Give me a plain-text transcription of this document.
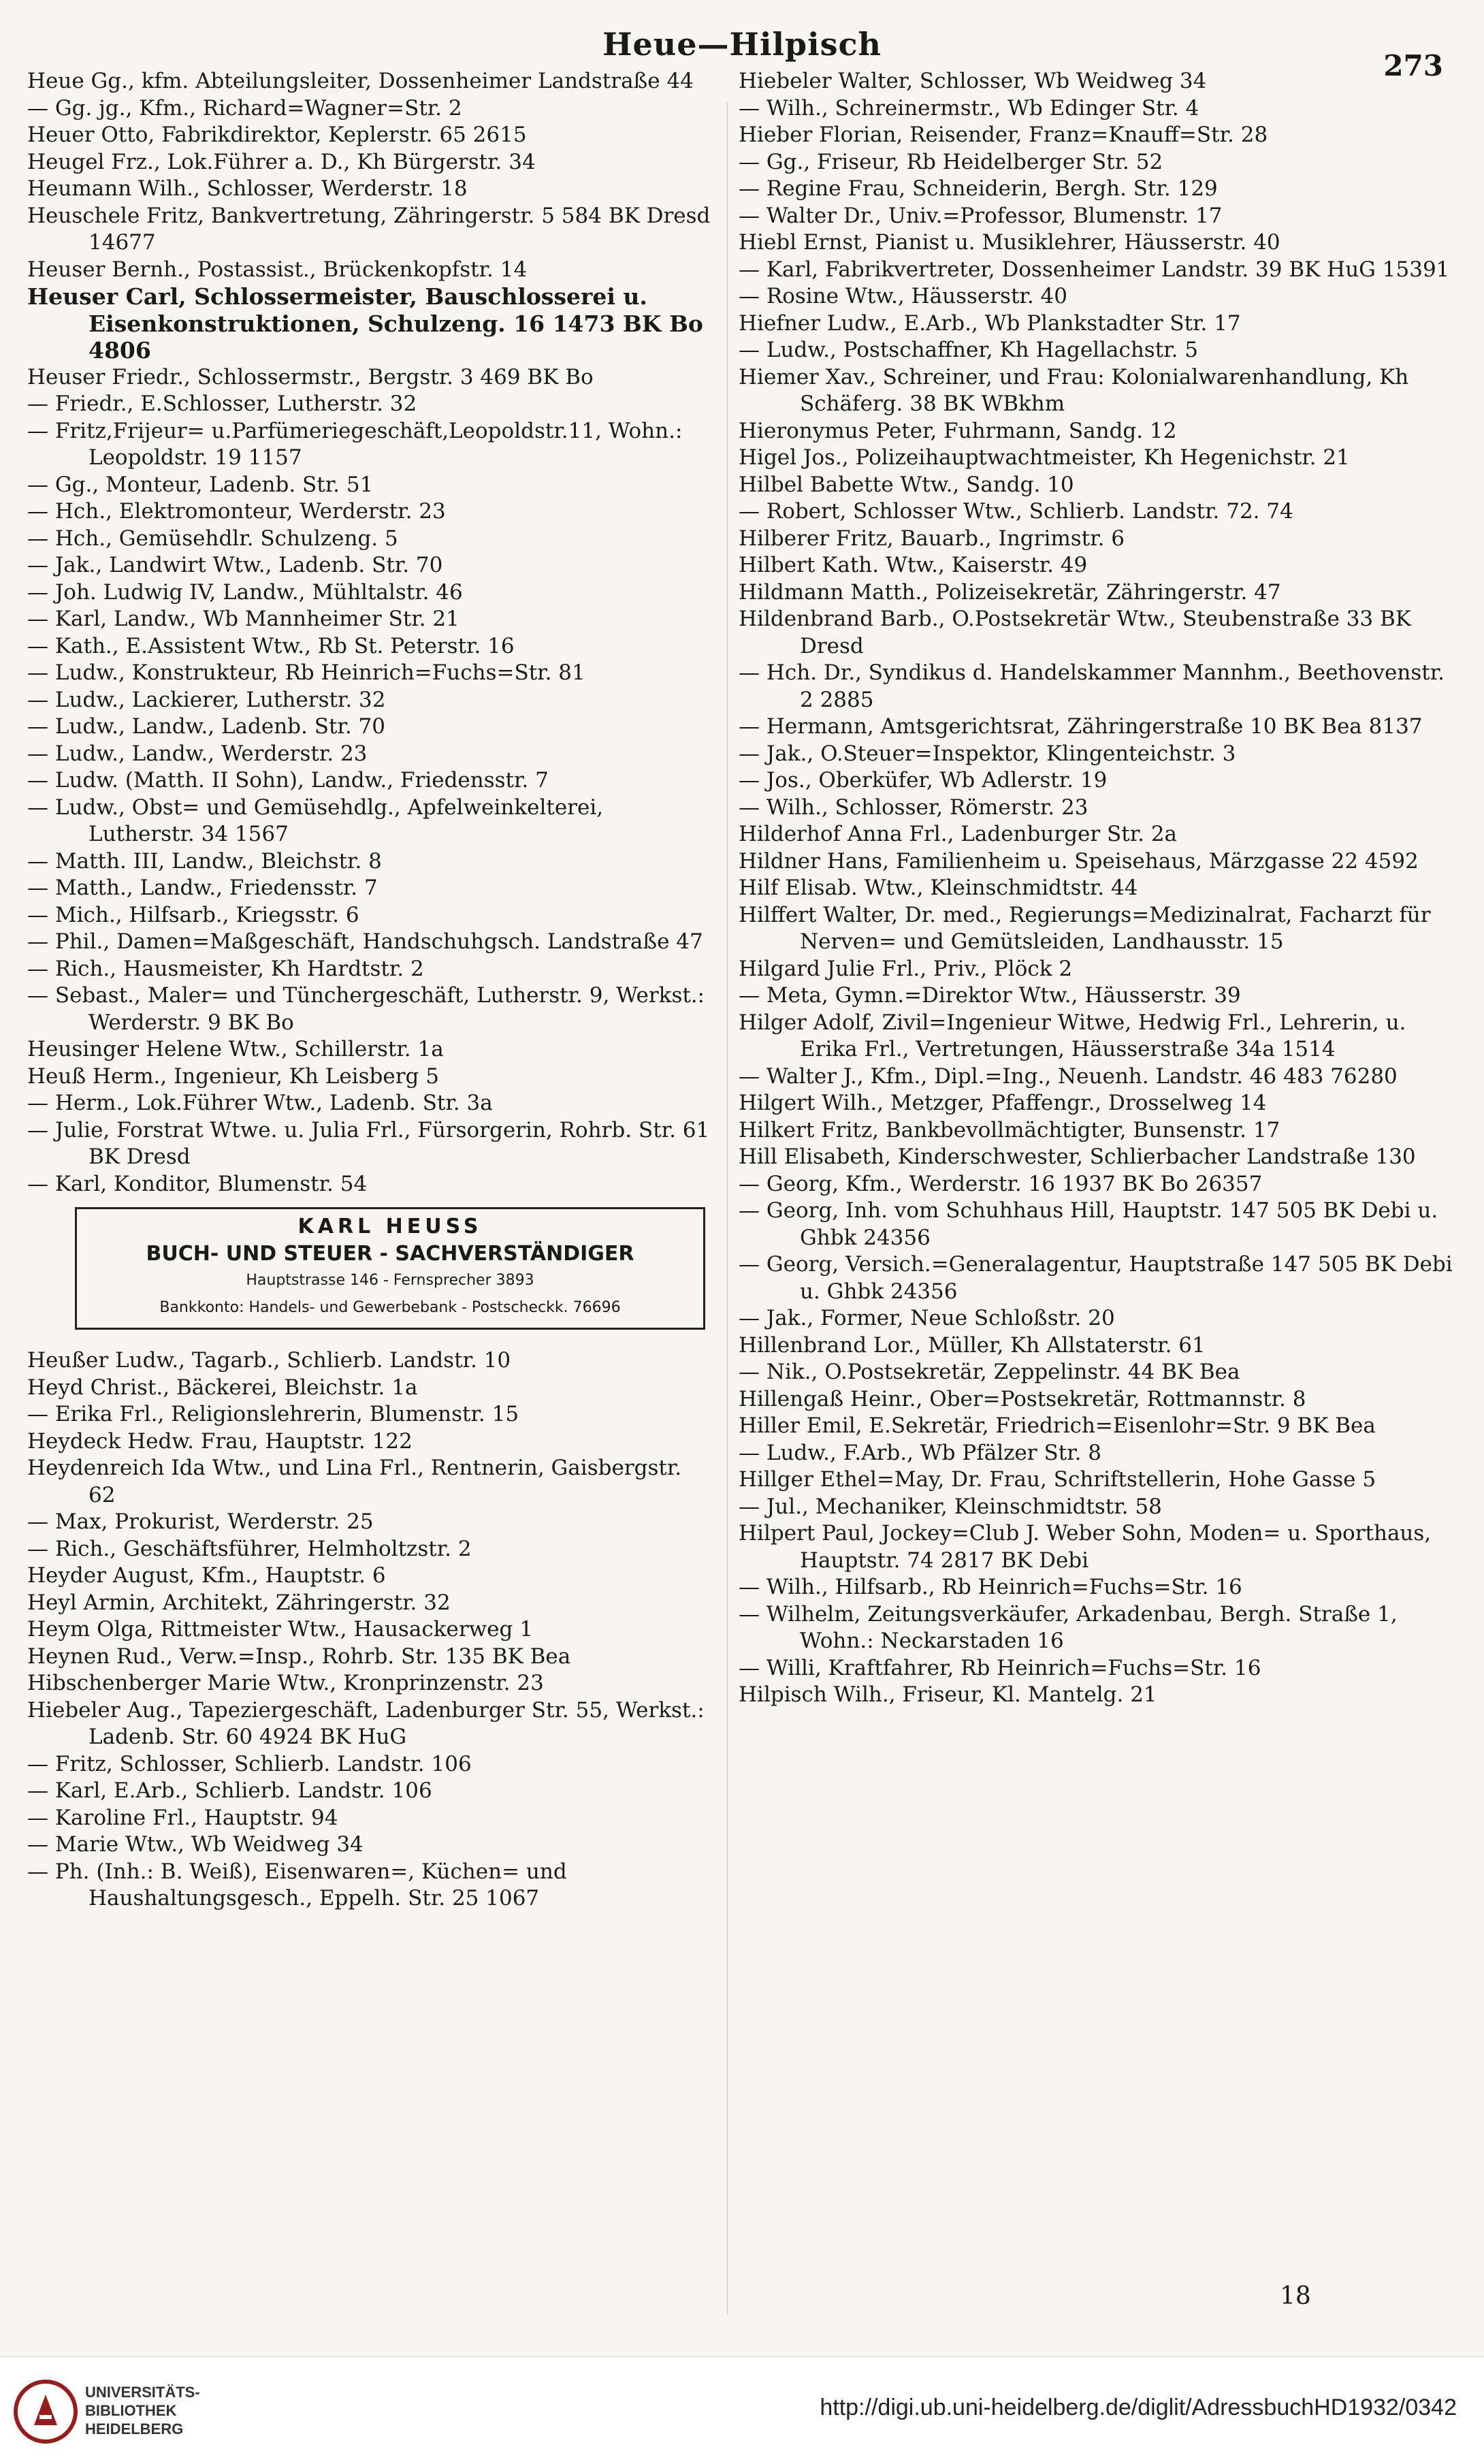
Heue—Hilpisch
273

Heue Gg., kfm. Abteilungsleiter, Dossenheimer Landstraße 44

— Gg. jg., Kfm., Richard=Wagner=Str. 2

Heuer Otto, Fabrikdirektor, Keplerstr. 65 2615

Heugel Frz., Lok.Führer a. D., Kh Bürgerstr. 34

Heumann Wilh., Schlosser, Werderstr. 18

Heuschele Fritz, Bankvertretung, Zähringerstr. 5 584 BK Dresd 14677

Heuser Bernh., Postassist., Brückenkopfstr. 14

Heuser Carl, Schlossermeister, Bauschlosserei u. Eisenkonstruktionen, Schulzeng. 16 1473 BK Bo 4806

Heuser Friedr., Schlossermstr., Bergstr. 3 469 BK Bo

— Friedr., E.Schlosser, Lutherstr. 32

— Fritz,Frijeur= u.Parfümeriegeschäft,Leopoldstr.11, Wohn.: Leopoldstr. 19 1157

— Gg., Monteur, Ladenb. Str. 51

— Hch., Elektromonteur, Werderstr. 23

— Hch., Gemüsehdlr. Schulzeng. 5

— Jak., Landwirt Wtw., Ladenb. Str. 70

— Joh. Ludwig IV, Landw., Mühltalstr. 46

— Karl, Landw., Wb Mannheimer Str. 21

— Kath., E.Assistent Wtw., Rb St. Peterstr. 16

— Ludw., Konstrukteur, Rb Heinrich=Fuchs=Str. 81

— Ludw., Lackierer, Lutherstr. 32

— Ludw., Landw., Ladenb. Str. 70

— Ludw., Landw., Werderstr. 23

— Ludw. (Matth. II Sohn), Landw., Friedensstr. 7

— Ludw., Obst= und Gemüsehdlg., Apfelweinkelterei, Lutherstr. 34 1567

— Matth. III, Landw., Bleichstr. 8

— Matth., Landw., Friedensstr. 7

— Mich., Hilfsarb., Kriegsstr. 6

— Phil., Damen=Maßgeschäft, Handschuhgsch. Landstraße 47

— Rich., Hausmeister, Kh Hardtstr. 2

— Sebast., Maler= und Tünchergeschäft, Lutherstr. 9, Werkst.: Werderstr. 9 BK Bo

Heusinger Helene Wtw., Schillerstr. 1a

Heuß Herm., Ingenieur, Kh Leisberg 5

— Herm., Lok.Führer Wtw., Ladenb. Str. 3a

— Julie, Forstrat Wtwe. u. Julia Frl., Fürsorgerin, Rohrb. Str. 61 BK Dresd

— Karl, Konditor, Blumenstr. 54

KARL HEUSS
BUCH- UND STEUER - SACHVERSTÄNDIGER
Hauptstrasse 146 - Fernsprecher 3893
Bankkonto: Handels- und Gewerbebank - Postscheckk. 76696

Heußer Ludw., Tagarb., Schlierb. Landstr. 10

Heyd Christ., Bäckerei, Bleichstr. 1a

— Erika Frl., Religionslehrerin, Blumenstr. 15

Heydeck Hedw. Frau, Hauptstr. 122

Heydenreich Ida Wtw., und Lina Frl., Rentnerin, Gaisbergstr. 62

— Max, Prokurist, Werderstr. 25

— Rich., Geschäftsführer, Helmholtzstr. 2

Heyder August, Kfm., Hauptstr. 6

Heyl Armin, Architekt, Zähringerstr. 32

Heym Olga, Rittmeister Wtw., Hausackerweg 1

Heynen Rud., Verw.=Insp., Rohrb. Str. 135 BK Bea

Hibschenberger Marie Wtw., Kronprinzenstr. 23

Hiebeler Aug., Tapeziergeschäft, Ladenburger Str. 55, Werkst.: Ladenb. Str. 60 4924 BK HuG

— Fritz, Schlosser, Schlierb. Landstr. 106

— Karl, E.Arb., Schlierb. Landstr. 106

— Karoline Frl., Hauptstr. 94

— Marie Wtw., Wb Weidweg 34

— Ph. (Inh.: B. Weiß), Eisenwaren=, Küchen= und Haushaltungsgesch., Eppelh. Str. 25 1067

Hiebeler Walter, Schlosser, Wb Weidweg 34

— Wilh., Schreinermstr., Wb Edinger Str. 4

Hieber Florian, Reisender, Franz=Knauff=Str. 28

— Gg., Friseur, Rb Heidelberger Str. 52

— Regine Frau, Schneiderin, Bergh. Str. 129

— Walter Dr., Univ.=Professor, Blumenstr. 17

Hiebl Ernst, Pianist u. Musiklehrer, Häusserstr. 40

— Karl, Fabrikvertreter, Dossenheimer Landstr. 39 BK HuG 15391

— Rosine Wtw., Häusserstr. 40

Hiefner Ludw., E.Arb., Wb Plankstadter Str. 17

— Ludw., Postschaffner, Kh Hagellachstr. 5

Hiemer Xav., Schreiner, und Frau: Kolonialwarenhandlung, Kh Schäferg. 38 BK WBkhm

Hieronymus Peter, Fuhrmann, Sandg. 12

Higel Jos., Polizeihauptwachtmeister, Kh Hegenichstr. 21

Hilbel Babette Wtw., Sandg. 10

— Robert, Schlosser Wtw., Schlierb. Landstr. 72. 74

Hilberer Fritz, Bauarb., Ingrimstr. 6

Hilbert Kath. Wtw., Kaiserstr. 49

Hildmann Matth., Polizeisekretär, Zähringerstr. 47

Hildenbrand Barb., O.Postsekretär Wtw., Steubenstraße 33 BK Dresd

— Hch. Dr., Syndikus d. Handelskammer Mannhm., Beethovenstr. 2 2885

— Hermann, Amtsgerichtsrat, Zähringerstraße 10 BK Bea 8137

— Jak., O.Steuer=Inspektor, Klingenteichstr. 3

— Jos., Oberküfer, Wb Adlerstr. 19

— Wilh., Schlosser, Römerstr. 23

Hilderhof Anna Frl., Ladenburger Str. 2a

Hildner Hans, Familienheim u. Speisehaus, Märzgasse 22 4592

Hilf Elisab. Wtw., Kleinschmidtstr. 44

Hilffert Walter, Dr. med., Regierungs=Medizinalrat, Facharzt für Nerven= und Gemütsleiden, Landhausstr. 15

Hilgard Julie Frl., Priv., Plöck 2

— Meta, Gymn.=Direktor Wtw., Häusserstr. 39

Hilger Adolf, Zivil=Ingenieur Witwe, Hedwig Frl., Lehrerin, u. Erika Frl., Vertretungen, Häusserstraße 34a 1514

— Walter J., Kfm., Dipl.=Ing., Neuenh. Landstr. 46 483 76280

Hilgert Wilh., Metzger, Pfaffengr., Drosselweg 14

Hilkert Fritz, Bankbevollmächtigter, Bunsenstr. 17

Hill Elisabeth, Kinderschwester, Schlierbacher Landstraße 130

— Georg, Kfm., Werderstr. 16 1937 BK Bo 26357

— Georg, Inh. vom Schuhhaus Hill, Hauptstr. 147 505 BK Debi u. Ghbk 24356

— Georg, Versich.=Generalagentur, Hauptstraße 147 505 BK Debi u. Ghbk 24356

— Jak., Former, Neue Schloßstr. 20

Hillenbrand Lor., Müller, Kh Allstaterstr. 61

— Nik., O.Postsekretär, Zeppelinstr. 44 BK Bea

Hillengaß Heinr., Ober=Postsekretär, Rottmannstr. 8

Hiller Emil, E.Sekretär, Friedrich=Eisenlohr=Str. 9 BK Bea

— Ludw., F.Arb., Wb Pfälzer Str. 8

Hillger Ethel=May, Dr. Frau, Schriftstellerin, Hohe Gasse 5

— Jul., Mechaniker, Kleinschmidtstr. 58

Hilpert Paul, Jockey=Club J. Weber Sohn, Moden= u. Sporthaus, Hauptstr. 74 2817 BK Debi

— Wilh., Hilfsarb., Rb Heinrich=Fuchs=Str. 16

— Wilhelm, Zeitungsverkäufer, Arkadenbau, Bergh. Straße 1, Wohn.: Neckarstaden 16

— Willi, Kraftfahrer, Rb Heinrich=Fuchs=Str. 16

Hilpisch Wilh., Friseur, Kl. Mantelg. 21

18
UNIVERSITÄTS-
BIBLIOTHEK
HEIDELBERG
http://digi.ub.uni-heidelberg.de/diglit/AdressbuchHD1932/0342
